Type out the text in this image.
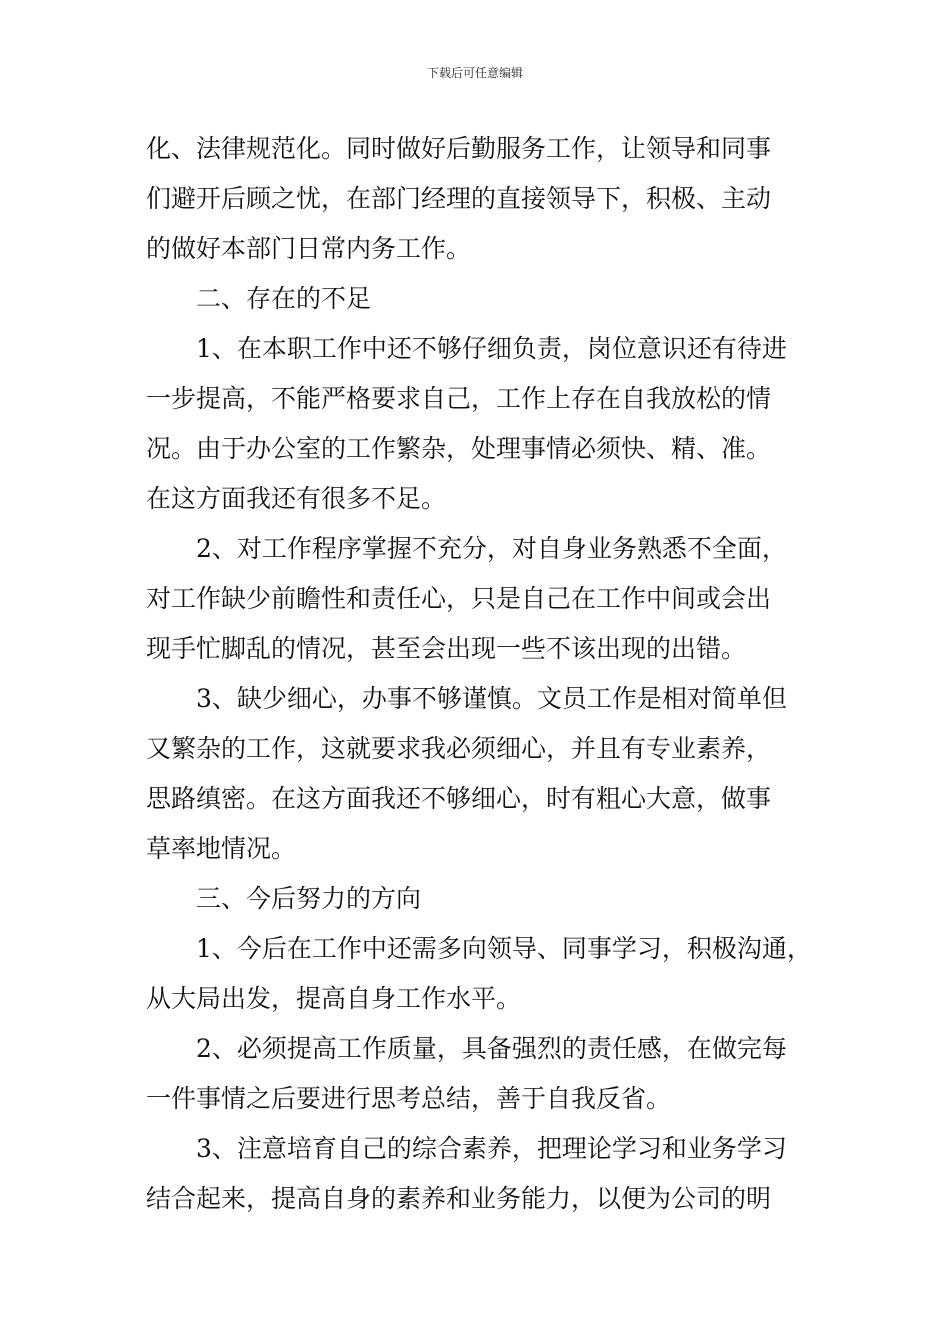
下载后可任意编辑
化、法律规范化。同时做好后勤服务工作，让领导和同事
们避开后顾之忧，在部门经理的直接领导下，积极、主动
的做好本部门日常内务工作。
　　二、存在的不足
　　1、在本职工作中还不够仔细负责，岗位意识还有待进
一步提高，不能严格要求自己，工作上存在自我放松的情
况。由于办公室的工作繁杂，处理事情必须快、精、准。
在这方面我还有很多不足。
　　2、对工作程序掌握不充分，对自身业务熟悉不全面，
对工作缺少前瞻性和责任心，只是自己在工作中间或会出
现手忙脚乱的情况，甚至会出现一些不该出现的出错。
　　3、缺少细心，办事不够谨慎。文员工作是相对简单但
又繁杂的工作，这就要求我必须细心，并且有专业素养，
思路缜密。在这方面我还不够细心，时有粗心大意，做事
草率地情况。
　　三、今后努力的方向
　　1、今后在工作中还需多向领导、同事学习，积极沟通，
从大局出发，提高自身工作水平。
　　2、必须提高工作质量，具备强烈的责任感，在做完每
一件事情之后要进行思考总结，善于自我反省。
　　3、注意培育自己的综合素养，把理论学习和业务学习
结合起来，提高自身的素养和业务能力，以便为公司的明
